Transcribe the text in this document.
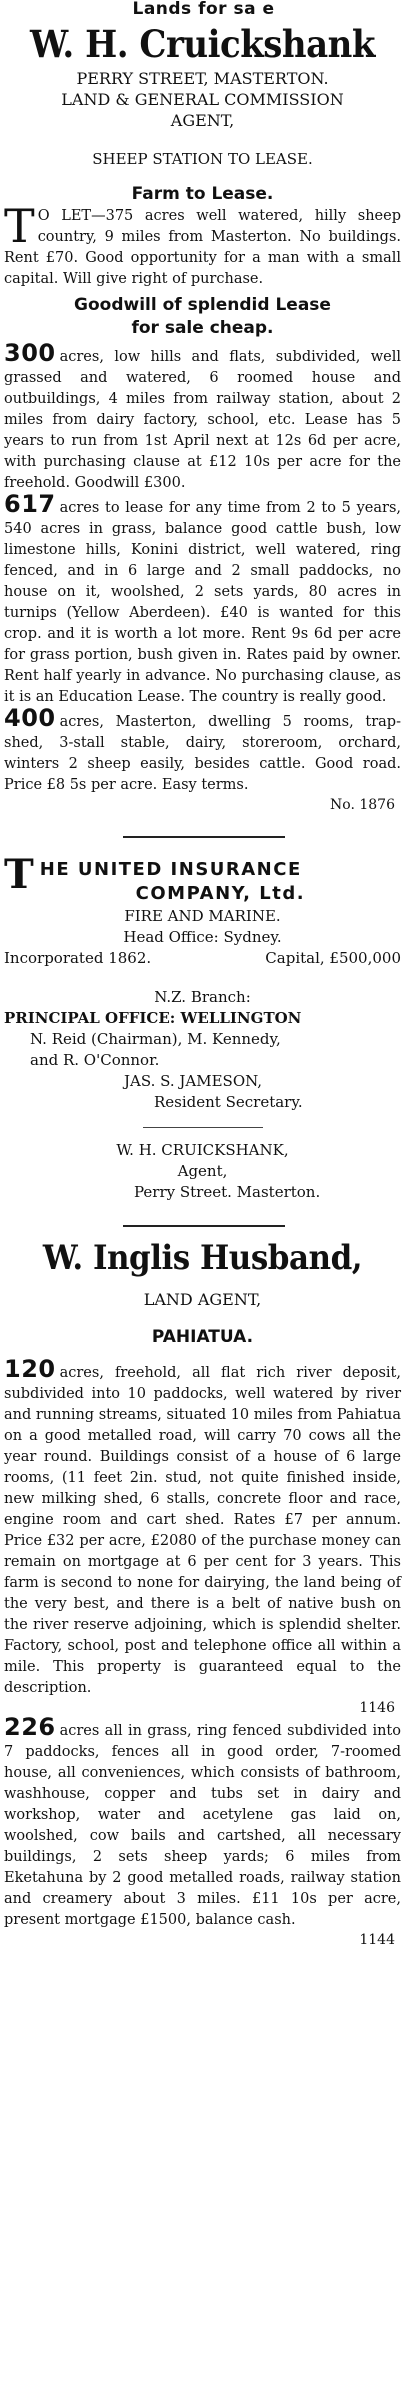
Lands for sa e
W. H. Cruickshank
PERRY STREET, MASTERTON.
LAND & GENERAL COMMISSION
AGENT,
SHEEP STATION TO LEASE.
Farm to Lease.

T O LET—375 acres well watered, hilly sheep country, 9 miles from Masterton. No buildings. Rent £70. Good opportunity for a man with a small capital. Will give right of purchase.

Goodwill of splendid Lease
for sale cheap.

300 acres, low hills and flats, subdivided, well grassed and watered, 6 roomed house and outbuildings, 4 miles from railway station, about 2 miles from dairy factory, school, etc. Lease has 5 years to run from 1st April next at 12s 6d per acre, with purchasing clause at £12 10s per acre for the freehold. Goodwill £300.

617 acres to lease for any time from 2 to 5 years, 540 acres in grass, balance good cattle bush, low limestone hills, Konini district, well watered, ring fenced, and in 6 large and 2 small paddocks, no house on it, woolshed, 2 sets yards, 80 acres in turnips (Yellow Aberdeen). £40 is wanted for this crop. and it is worth a lot more. Rent 9s 6d per acre for grass portion, bush given in. Rates paid by owner. Rent half yearly in advance. No purchasing clause, as it is an Education Lease. The country is really good.

400 acres, Masterton, dwelling 5 rooms, trap-shed, 3-stall stable, dairy, storeroom, orchard, winters 2 sheep easily, besides cattle. Good road. Price £8 5s per acre. Easy terms.

No. 1876
T HE UNITED INSURANCE
COMPANY, Ltd.
FIRE AND MARINE.
Head Office: Sydney.
Incorporated 1862.	Capital, £500,000
N.Z. Branch:
PRINCIPAL OFFICE: WELLINGTON
N. Reid (Chairman), M. Kennedy,
and R. O'Connor.
JAS. S. JAMESON,
Resident Secretary.
W. H. CRUICKSHANK,
Agent,
Perry Street. Masterton.
W. Inglis Husband,
LAND AGENT,
PAHIATUA.

120 acres, freehold, all flat rich river deposit, subdivided into 10 paddocks, well watered by river and running streams, situated 10 miles from Pahiatua on a good metalled road, will carry 70 cows all the year round. Buildings consist of a house of 6 large rooms, (11 feet 2in. stud, not quite finished inside, new milking shed, 6 stalls, concrete floor and race, engine room and cart shed. Rates £7 per annum. Price £32 per acre, £2080 of the purchase money can remain on mortgage at 6 per cent for 3 years. This farm is second to none for dairying, the land being of the very best, and there is a belt of native bush on the river reserve adjoining, which is splendid shelter. Factory, school, post and telephone office all within a mile. This property is guaranteed equal to the description.

1146

226 acres all in grass, ring fenced subdivided into 7 paddocks, fences all in good order, 7-roomed house, all conveniences, which consists of bathroom, washhouse, copper and tubs set in dairy and workshop, water and acetylene gas laid on, woolshed, cow bails and cartshed, all necessary buildings, 2 sets sheep yards; 6 miles from Eketahuna by 2 good metalled roads, railway station and creamery about 3 miles. £11 10s per acre, present mortgage £1500, balance cash.

1144
